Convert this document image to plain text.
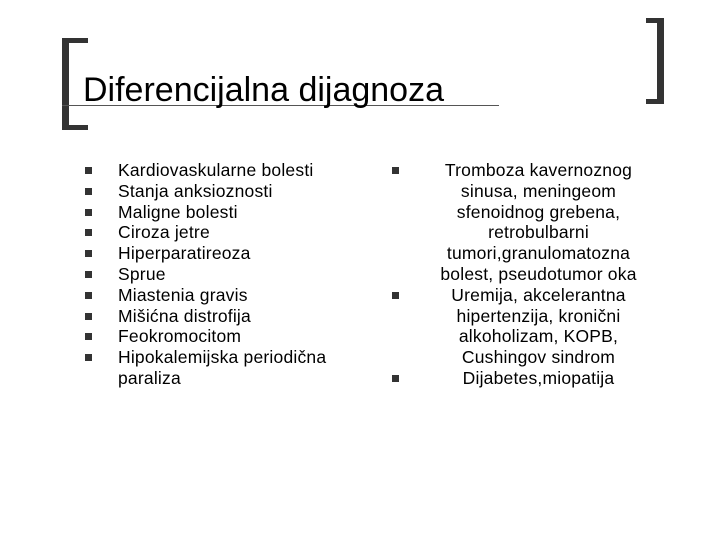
Diferencijalna dijagnoza
Kardiovaskularne bolesti
Stanja anksioznosti
Maligne bolesti
Ciroza jetre
Hiperparatireoza
Sprue
Miastenia gravis
Mišićna distrofija
Feokromocitom
Hipokalemijska periodična paraliza
Tromboza kavernoznog sinusa, meningeom sfenoidnog grebena, retrobulbarni tumori,granulomatozna bolest, pseudotumor oka
Uremija, akcelerantna hipertenzija, kronični alkoholizam, KOPB, Cushingov sindrom
Dijabetes,miopatija
